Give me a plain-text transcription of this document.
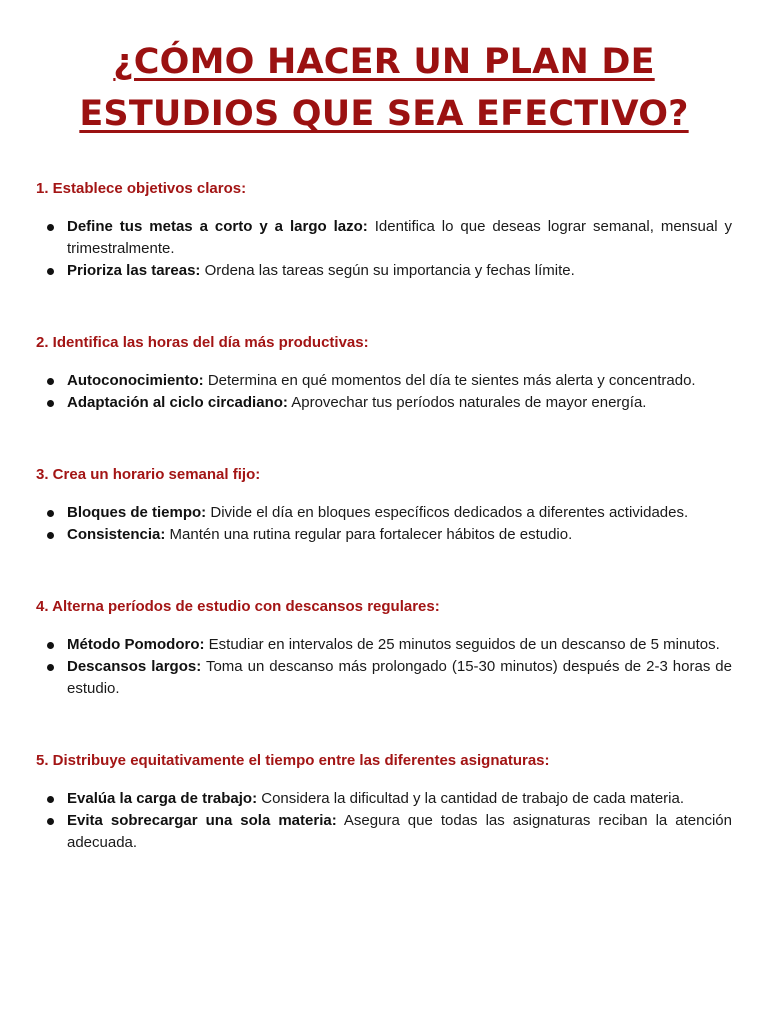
¿CÓMO HACER UN PLAN DE
ESTUDIOS QUE SEA EFECTIVO?

1. Establece objetivos claros:

Define tus metas a corto y a largo lazo: Identifica lo que deseas lograr semanal, mensual y trimestralmente.
Prioriza las tareas: Ordena las tareas según su importancia y fechas límite.

2. Identifica las horas del día más productivas:

Autoconocimiento: Determina en qué momentos del día te sientes más alerta y concentrado.
Adaptación al ciclo circadiano: Aprovechar tus períodos naturales de mayor energía.

3. Crea un horario semanal fijo:

Bloques de tiempo: Divide el día en bloques específicos dedicados a diferentes actividades.
Consistencia: Mantén una rutina regular para fortalecer hábitos de estudio.

4. Alterna períodos de estudio con descansos regulares:

Método Pomodoro: Estudiar en intervalos de 25 minutos seguidos de un descanso de 5 minutos.
Descansos largos: Toma un descanso más prolongado (15-30 minutos) después de 2-3 horas de estudio.

5. Distribuye equitativamente el tiempo entre las diferentes asignaturas:

Evalúa la carga de trabajo: Considera la dificultad y la cantidad de trabajo de cada materia.
Evita sobrecargar una sola materia: Asegura que todas las asignaturas reciban la atención adecuada.
